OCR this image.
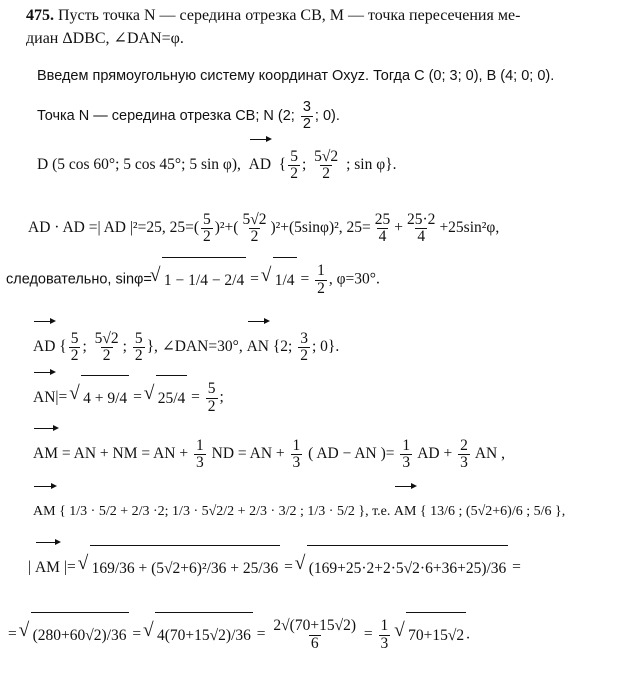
475. Пусть точка N — середина отрезка CB, M — точка пересечения ме-
диан ΔDBC, ∠DAN=φ.
Введем прямоугольную систему координат Oxyz. Тогда C (0; 3; 0), B (4; 0; 0).
Точка N — середина отрезка CB; N (2; $\frac{3}{2}$ ; 0).
D (5 cos 60°; 5 cos 45°; 5 sin φ), AD  { $\frac{5}{2}$ ; $\frac{5√2}{2}$ ; sin φ}.
AD · AD =| AD |²=25, $25=( \frac{5}{2} )^2+( \frac{5√2}{2} )^2+(5\sin\varphi)^2$, $25= \frac{25}{4} + \frac{25\cdot 2}{4} +25\sin^2\varphi$,
следовательно, sinφ= √ 1 − 1/4 − 2/4 = √ $1/4 = \frac{1}{2}$ , φ=30°.
AD { $\frac{5}{2}$ ; $\frac{5√2}{2}$ ; $\frac{5}{2}$ }, ∠DAN=30°, AN {2; $\frac{3}{2}$ ; 0}.
AN|= √ 4 + 9/4 = √ $25/4 = \frac{5}{2}$ ;
AM = AN + NM = AN + $\frac{1}{3}$ ND = AN + $\frac{1}{3}$ ( AD − AN )= $\frac{1}{3}$ AD + $\frac{2}{3}$ AN ,
AM { 1/3 · 5/2 + 2/3 ·2; 1/3 · 5√2/2 + 2/3 · 3/2 ; 1/3 · 5/2 }, т.е. AM { 13/6 ; (5√2+6)/6 ; 5/6 },
| AM |= √ 169/36 + (5√2+6)²/36 + 25/36 = √ (169+25·2+2·5√2·6+36+25)/36 =
= √ (280+60√2)/36 = √ $4(70+15√2)/36 = \frac{2√(70+15√2)}{6} = \frac{1}{3}$ √ 70+15√2 .
